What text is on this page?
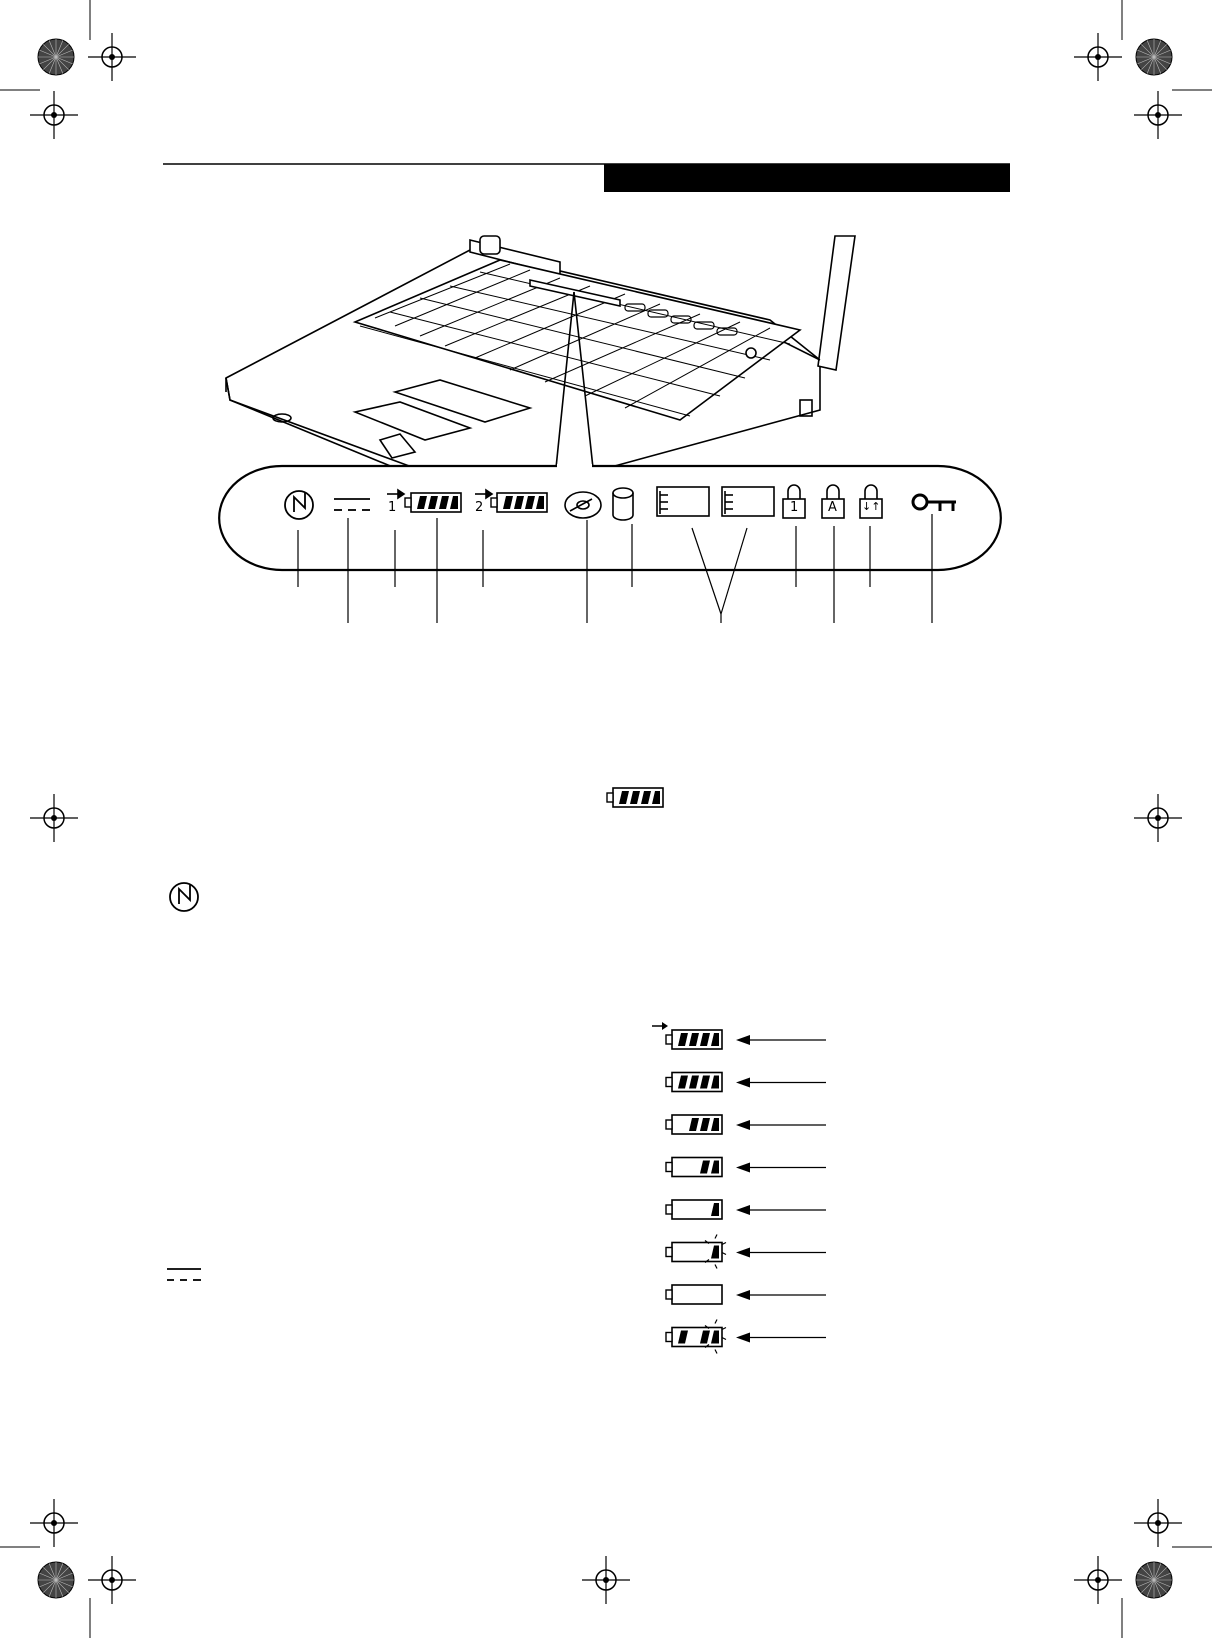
1	2	1 A ↓↑
